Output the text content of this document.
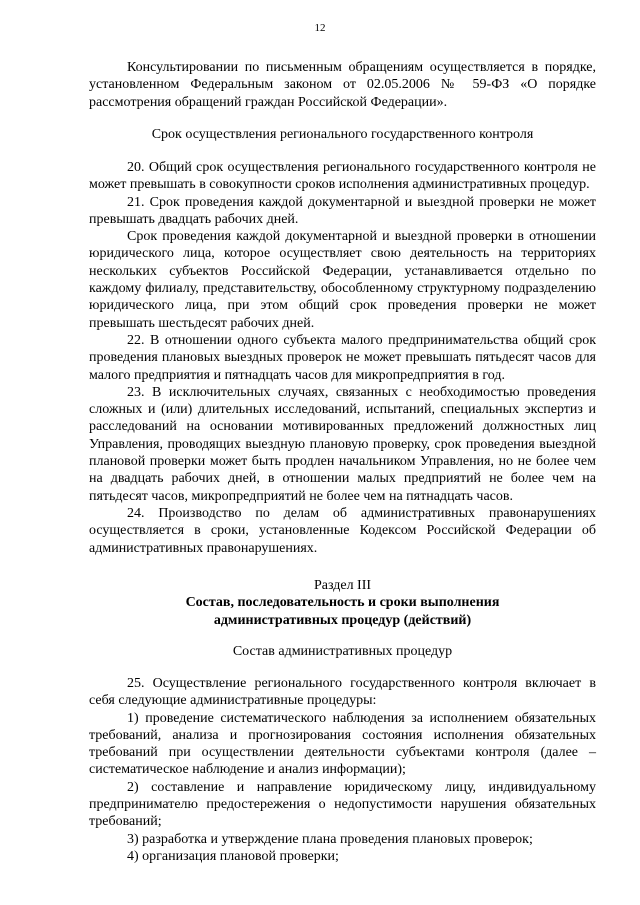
12

Консультировании по письменным обращениям осуществляется в порядке, установленном Федеральным законом от 02.05.2006 № 59-ФЗ «О порядке рассмотрения обращений граждан Российской Федерации».

Срок осуществления регионального государственного контроля

20. Общий срок осуществления регионального государственного контроля не может превышать в совокупности сроков исполнения административных процедур.

21. Срок проведения каждой документарной и выездной проверки не может превышать двадцать рабочих дней.

Срок проведения каждой документарной и выездной проверки в отношении юридического лица, которое осуществляет свою деятельность на территориях нескольких субъектов Российской Федерации, устанавливается отдельно по каждому филиалу, представительству, обособленному структурному подразделению юридического лица, при этом общий срок проведения проверки не может превышать шестьдесят рабочих дней.

22. В отношении одного субъекта малого предпринимательства общий срок проведения плановых выездных проверок не может превышать пятьдесят часов для малого предприятия и пятнадцать часов для микропредприятия в год.

23. В исключительных случаях, связанных с необходимостью проведения сложных и (или) длительных исследований, испытаний, специальных экспертиз и расследований на основании мотивированных предложений должностных лиц Управления, проводящих выездную плановую проверку, срок проведения выездной плановой проверки может быть продлен начальником Управления, но не более чем на двадцать рабочих дней, в отношении малых предприятий не более чем на пятьдесят часов, микропредприятий не более чем на пятнадцать часов.

24. Производство по делам об административных правонарушениях осуществляется в сроки, установленные Кодексом Российской Федерации об административных правонарушениях.

Раздел III

Состав, последовательность и сроки выполнения

административных процедур (действий)

Состав административных процедур

25. Осуществление регионального государственного контроля включает в себя следующие административные процедуры:

1) проведение систематического наблюдения за исполнением обязательных требований, анализа и прогнозирования состояния исполнения обязательных требований при осуществлении деятельности субъектами контроля (далее – систематическое наблюдение и анализ информации);

2) составление и направление юридическому лицу, индивидуальному предпринимателю предостережения о недопустимости нарушения обязательных требований;

3) разработка и утверждение плана проведения плановых проверок;

4) организация плановой проверки;
